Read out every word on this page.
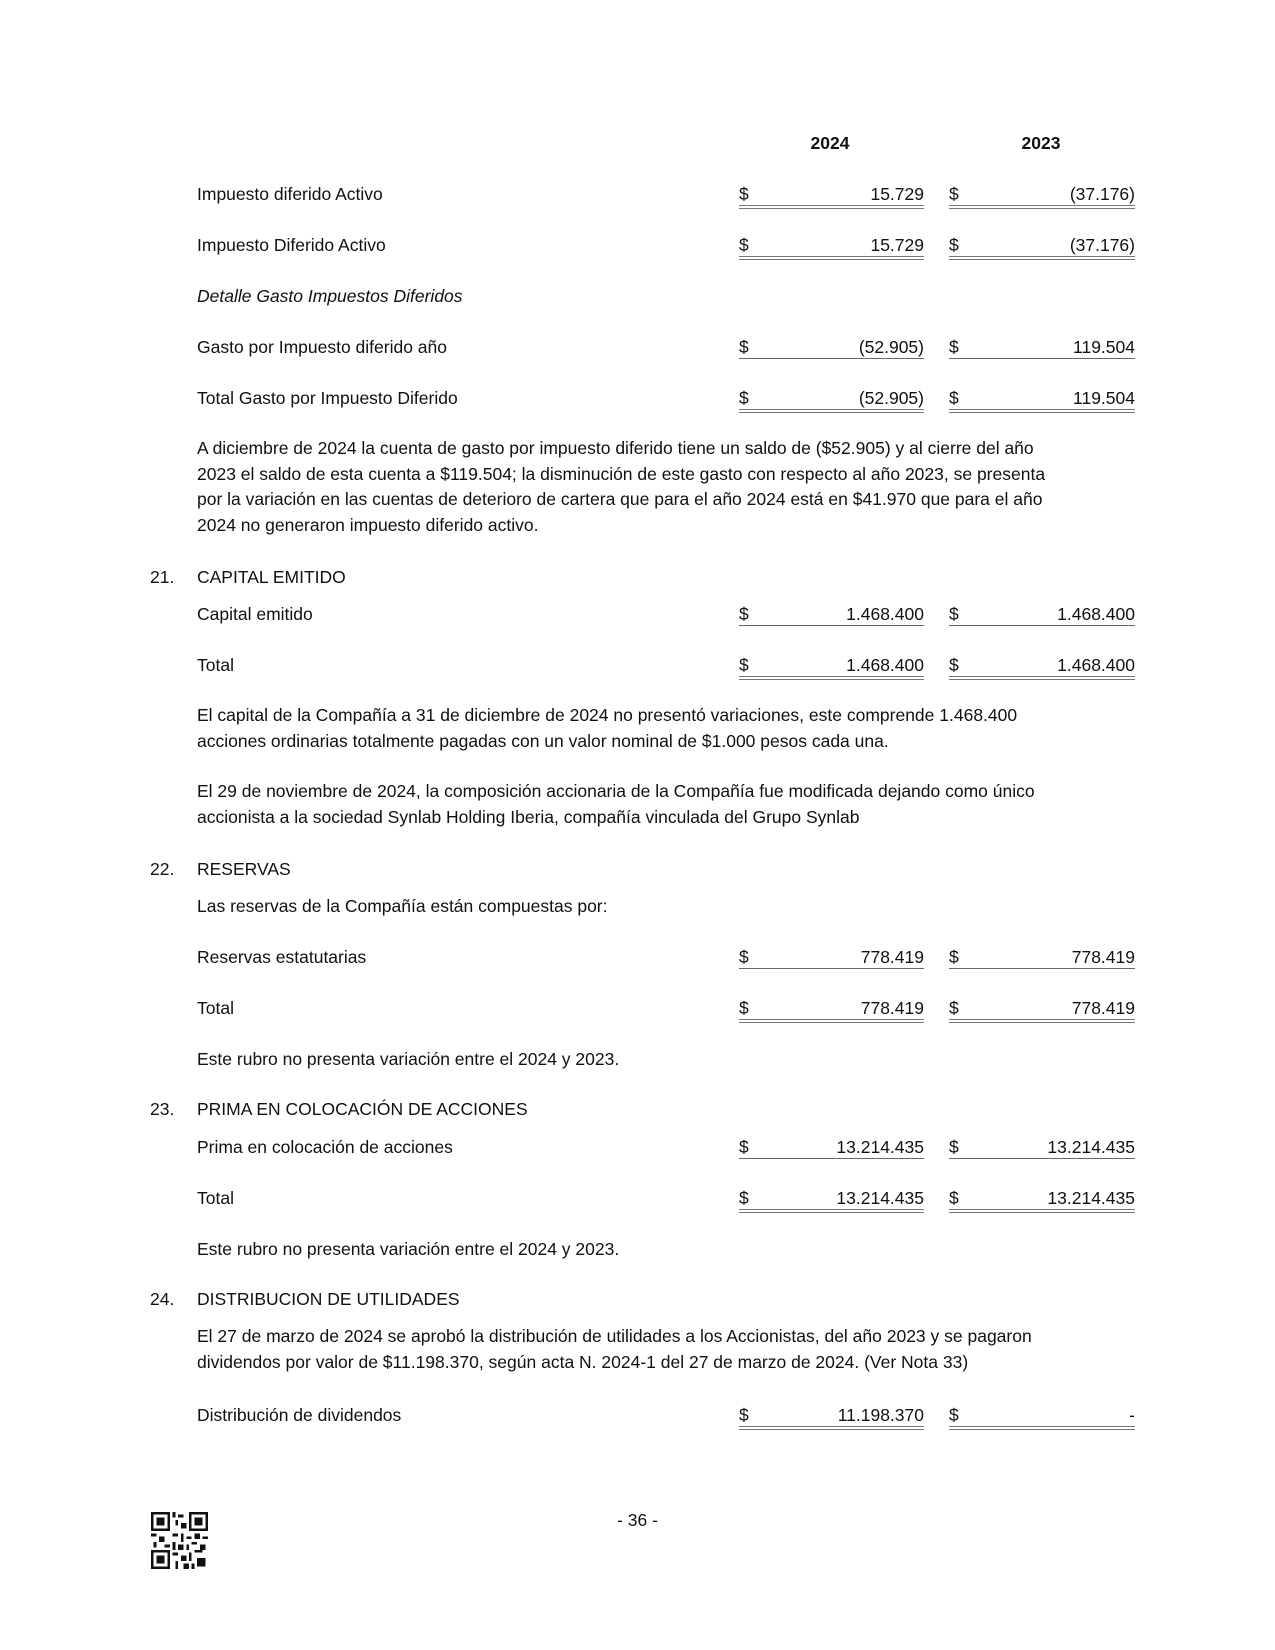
2024	2023
Impuesto diferido Activo	$	15.729 $	(37.176)
Impuesto Diferido Activo	$	15.729 $	(37.176)
Detalle Gasto Impuestos Diferidos
Gasto por Impuesto diferido año	$	(52.905) $	119.504
Total Gasto por Impuesto Diferido	$	(52.905) $	119.504
A diciembre de 2024 la cuenta de gasto por impuesto diferido tiene un saldo de ($52.905) y al cierre del año
2023 el saldo de esta cuenta a $119.504; la disminución de este gasto con respecto al año 2023, se presenta
por la variación en las cuentas de deterioro de cartera que para el año 2024 está en $41.970 que para el año
2024 no generaron impuesto diferido activo.
21. CAPITAL EMITIDO
Capital emitido	$	1.468.400 $	1.468.400
Total	$	1.468.400 $	1.468.400
El capital de la Compañía a 31 de diciembre de 2024 no presentó variaciones, este comprende 1.468.400
acciones ordinarias totalmente pagadas con un valor nominal de $1.000 pesos cada una.
El 29 de noviembre de 2024, la composición accionaria de la Compañía fue modificada dejando como único
accionista a la sociedad Synlab Holding Iberia, compañía vinculada del Grupo Synlab
22. RESERVAS
Las reservas de la Compañía están compuestas por:
Reservas estatutarias	$	778.419 $	778.419
Total	$	778.419 $	778.419
Este rubro no presenta variación entre el 2024 y 2023.
23. PRIMA EN COLOCACIÓN DE ACCIONES
Prima en colocación de acciones	$	13.214.435 $	13.214.435
Total	$	13.214.435 $	13.214.435
Este rubro no presenta variación entre el 2024 y 2023.
24. DISTRIBUCION DE UTILIDADES
El 27 de marzo de 2024 se aprobó la distribución de utilidades a los Accionistas, del año 2023 y se pagaron
dividendos por valor de $11.198.370, según acta N. 2024-1 del 27 de marzo de 2024. (Ver Nota 33)
Distribución de dividendos	$	11.198.370 $	-
- 36 -
